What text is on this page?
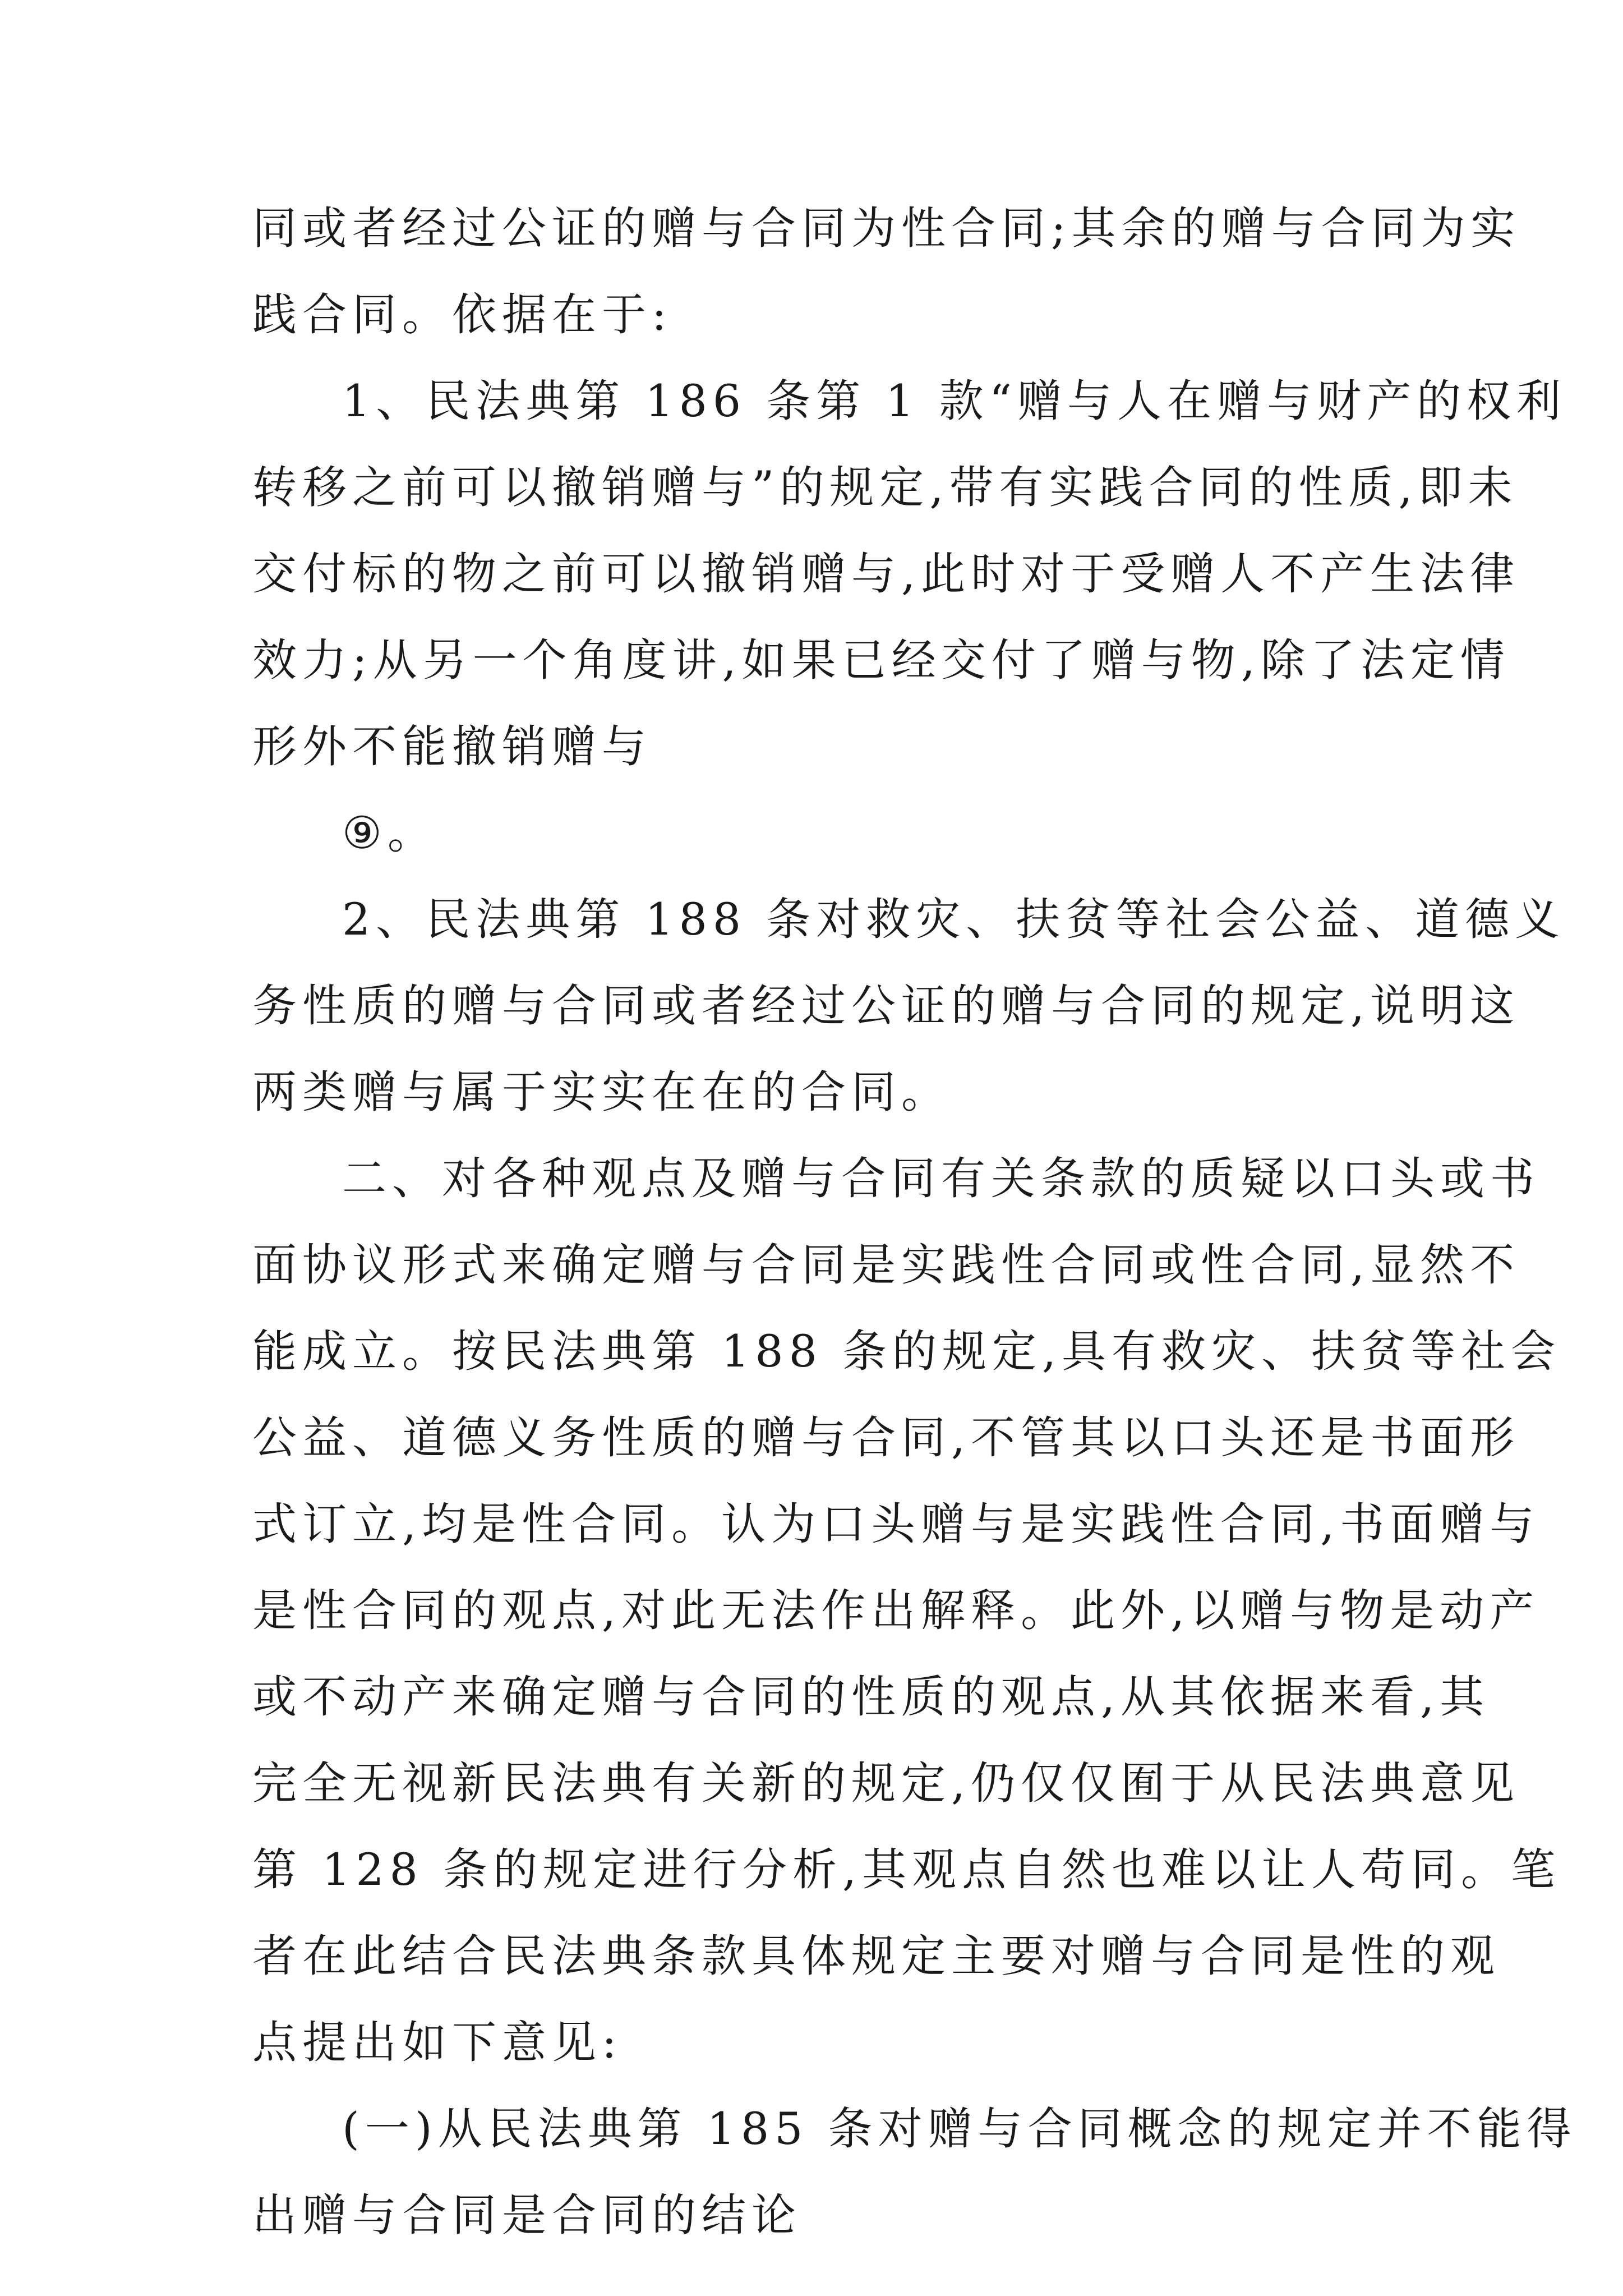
同或者经过公证的赠与合同为性合同;其余的赠与合同为实
践合同。依据在于:
1、民法典第 186 条第 1 款“赠与人在赠与财产的权利
转移之前可以撤销赠与”的规定,带有实践合同的性质,即未
交付标的物之前可以撤销赠与,此时对于受赠人不产生法律
效力;从另一个角度讲,如果已经交付了赠与物,除了法定情
形外不能撤销赠与
⑨。
2、民法典第 188 条对救灾、扶贫等社会公益、道德义
务性质的赠与合同或者经过公证的赠与合同的规定,说明这
两类赠与属于实实在在的合同。
二、对各种观点及赠与合同有关条款的质疑以口头或书
面协议形式来确定赠与合同是实践性合同或性合同,显然不
能成立。按民法典第 188 条的规定,具有救灾、扶贫等社会
公益、道德义务性质的赠与合同,不管其以口头还是书面形
式订立,均是性合同。认为口头赠与是实践性合同,书面赠与
是性合同的观点,对此无法作出解释。此外,以赠与物是动产
或不动产来确定赠与合同的性质的观点,从其依据来看,其
完全无视新民法典有关新的规定,仍仅仅囿于从民法典意见
第 128 条的规定进行分析,其观点自然也难以让人苟同。笔
者在此结合民法典条款具体规定主要对赠与合同是性的观
点提出如下意见:
(一)从民法典第 185 条对赠与合同概念的规定并不能得
出赠与合同是合同的结论
